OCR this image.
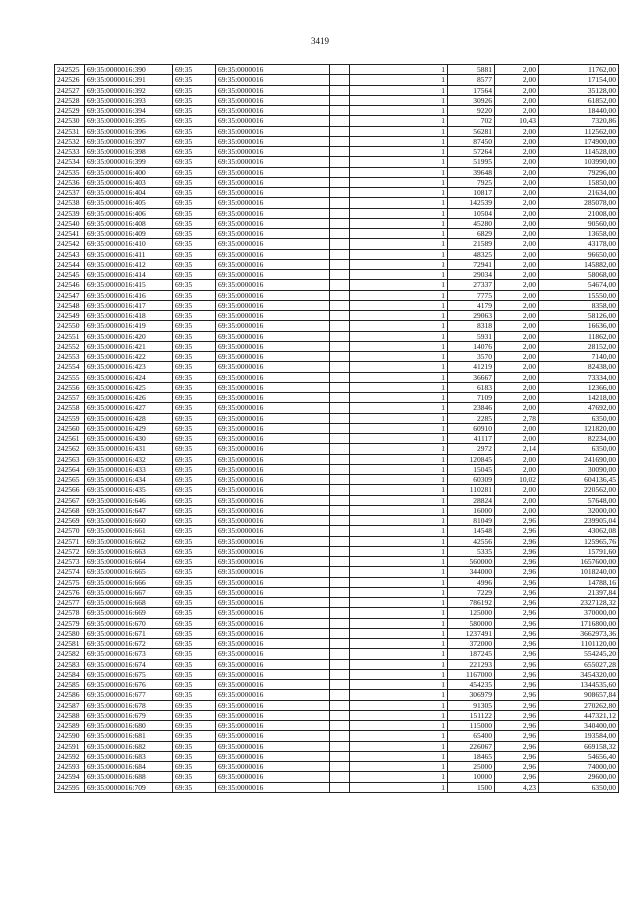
3419
242525	69:35:0000016:390	69:35	69:35:0000016		1	5881	2,00	11762,00
242526	69:35:0000016:391	69:35	69:35:0000016		1	8577	2,00	17154,00
242527	69:35:0000016:392	69:35	69:35:0000016		1	17564	2,00	35128,00
242528	69:35:0000016:393	69:35	69:35:0000016		1	30926	2,00	61852,00
242529	69:35:0000016:394	69:35	69:35:0000016		1	9220	2,00	18440,00
242530	69:35:0000016:395	69:35	69:35:0000016		1	702	10,43	7320,86
242531	69:35:0000016:396	69:35	69:35:0000016		1	56281	2,00	112562,00
242532	69:35:0000016:397	69:35	69:35:0000016		1	87450	2,00	174900,00
242533	69:35:0000016:398	69:35	69:35:0000016		1	57264	2,00	114528,00
242534	69:35:0000016:399	69:35	69:35:0000016		1	51995	2,00	103990,00
242535	69:35:0000016:400	69:35	69:35:0000016		1	39648	2,00	79296,00
242536	69:35:0000016:403	69:35	69:35:0000016		1	7925	2,00	15850,00
242537	69:35:0000016:404	69:35	69:35:0000016		1	10817	2,00	21634,00
242538	69:35:0000016:405	69:35	69:35:0000016		1	142539	2,00	285078,00
242539	69:35:0000016:406	69:35	69:35:0000016		1	10504	2,00	21008,00
242540	69:35:0000016:408	69:35	69:35:0000016		1	45280	2,00	90560,00
242541	69:35:0000016:409	69:35	69:35:0000016		1	6829	2,00	13658,00
242542	69:35:0000016:410	69:35	69:35:0000016		1	21589	2,00	43178,00
242543	69:35:0000016:411	69:35	69:35:0000016		1	48325	2,00	96650,00
242544	69:35:0000016:412	69:35	69:35:0000016		1	72941	2,00	145882,00
242545	69:35:0000016:414	69:35	69:35:0000016		1	29034	2,00	58068,00
242546	69:35:0000016:415	69:35	69:35:0000016		1	27337	2,00	54674,00
242547	69:35:0000016:416	69:35	69:35:0000016		1	7775	2,00	15550,00
242548	69:35:0000016:417	69:35	69:35:0000016		1	4179	2,00	8358,00
242549	69:35:0000016:418	69:35	69:35:0000016		1	29063	2,00	58126,00
242550	69:35:0000016:419	69:35	69:35:0000016		1	8318	2,00	16636,00
242551	69:35:0000016:420	69:35	69:35:0000016		1	5931	2,00	11862,00
242552	69:35:0000016:421	69:35	69:35:0000016		1	14076	2,00	28152,00
242553	69:35:0000016:422	69:35	69:35:0000016		1	3570	2,00	7140,00
242554	69:35:0000016:423	69:35	69:35:0000016		1	41219	2,00	82438,00
242555	69:35:0000016:424	69:35	69:35:0000016		1	36667	2,00	73334,00
242556	69:35:0000016:425	69:35	69:35:0000016		1	6183	2,00	12366,00
242557	69:35:0000016:426	69:35	69:35:0000016		1	7109	2,00	14218,00
242558	69:35:0000016:427	69:35	69:35:0000016		1	23846	2,00	47692,00
242559	69:35:0000016:428	69:35	69:35:0000016		1	2285	2,78	6350,00
242560	69:35:0000016:429	69:35	69:35:0000016		1	60910	2,00	121820,00
242561	69:35:0000016:430	69:35	69:35:0000016		1	41117	2,00	82234,00
242562	69:35:0000016:431	69:35	69:35:0000016		1	2972	2,14	6350,00
242563	69:35:0000016:432	69:35	69:35:0000016		1	120845	2,00	241690,00
242564	69:35:0000016:433	69:35	69:35:0000016		1	15045	2,00	30090,00
242565	69:35:0000016:434	69:35	69:35:0000016		1	60309	10,02	604136,45
242566	69:35:0000016:435	69:35	69:35:0000016		1	110281	2,00	220562,00
242567	69:35:0000016:646	69:35	69:35:0000016		1	28824	2,00	57648,00
242568	69:35:0000016:647	69:35	69:35:0000016		1	16000	2,00	32000,00
242569	69:35:0000016:660	69:35	69:35:0000016		1	81049	2,96	239905,04
242570	69:35:0000016:661	69:35	69:35:0000016		1	14548	2,96	43062,08
242571	69:35:0000016:662	69:35	69:35:0000016		1	42556	2,96	125965,76
242572	69:35:0000016:663	69:35	69:35:0000016		1	5335	2,96	15791,60
242573	69:35:0000016:664	69:35	69:35:0000016		1	560000	2,96	1657600,00
242574	69:35:0000016:665	69:35	69:35:0000016		1	344000	2,96	1018240,00
242575	69:35:0000016:666	69:35	69:35:0000016		1	4996	2,96	14788,16
242576	69:35:0000016:667	69:35	69:35:0000016		1	7229	2,96	21397,84
242577	69:35:0000016:668	69:35	69:35:0000016		1	786192	2,96	2327128,32
242578	69:35:0000016:669	69:35	69:35:0000016		1	125000	2,96	370000,00
242579	69:35:0000016:670	69:35	69:35:0000016		1	580000	2,96	1716800,00
242580	69:35:0000016:671	69:35	69:35:0000016		1	1237491	2,96	3662973,36
242581	69:35:0000016:672	69:35	69:35:0000016		1	372000	2,96	1101120,00
242582	69:35:0000016:673	69:35	69:35:0000016		1	187245	2,96	554245,20
242583	69:35:0000016:674	69:35	69:35:0000016		1	221293	2,96	655027,28
242584	69:35:0000016:675	69:35	69:35:0000016		1	1167000	2,96	3454320,00
242585	69:35:0000016:676	69:35	69:35:0000016		1	454235	2,96	1344535,60
242586	69:35:0000016:677	69:35	69:35:0000016		1	306979	2,96	908657,84
242587	69:35:0000016:678	69:35	69:35:0000016		1	91305	2,96	270262,80
242588	69:35:0000016:679	69:35	69:35:0000016		1	151122	2,96	447321,12
242589	69:35:0000016:680	69:35	69:35:0000016		1	115000	2,96	340400,00
242590	69:35:0000016:681	69:35	69:35:0000016		1	65400	2,96	193584,00
242591	69:35:0000016:682	69:35	69:35:0000016		1	226067	2,96	669158,32
242592	69:35:0000016:683	69:35	69:35:0000016		1	18465	2,96	54656,40
242593	69:35:0000016:684	69:35	69:35:0000016		1	25000	2,96	74000,00
242594	69:35:0000016:688	69:35	69:35:0000016		1	10000	2,96	29600,00
242595	69:35:0000016:709	69:35	69:35:0000016		1	1500	4,23	6350,00
